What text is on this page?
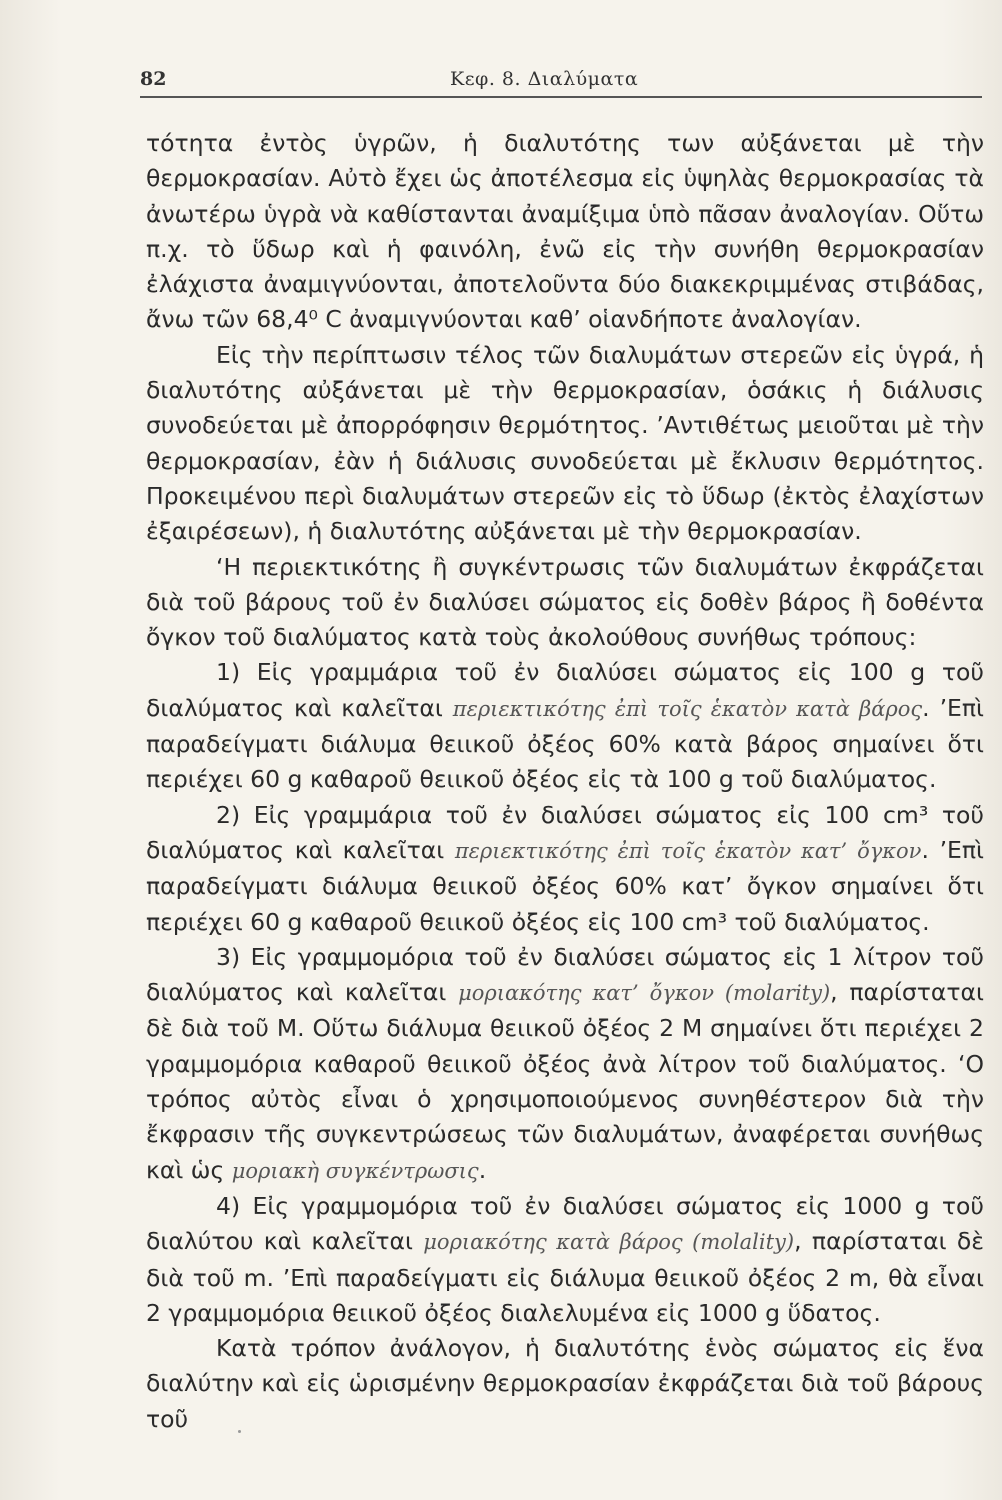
82	Κεφ. 8. Διαλύματα

τότητα ἐντὸς ὑγρῶν, ἡ διαλυτότης των αὐξάνεται μὲ τὴν θερμοκρασίαν. Αὐτὸ ἔχει ὡς ἀποτέλεσμα εἰς ὑψηλὰς θερμοκρασίας τὰ ἀνωτέρω ὑγρὰ νὰ καθίστανται ἀναμίξιμα ὑπὸ πᾶσαν ἀναλογίαν. Οὕτω π.χ. τὸ ὕδωρ καὶ ἡ φαινόλη, ἐνῶ εἰς τὴν συνήθη θερμοκρασίαν ἐλάχιστα ἀναμιγνύονται, ἀποτελοῦντα δύο διακεκριμμένας στιβάδας, ἄνω τῶν 68,4⁰ C ἀναμιγνύονται καθ’ οἱανδήποτε ἀναλογίαν.

Εἰς τὴν περίπτωσιν τέλος τῶν διαλυμάτων στερεῶν εἰς ὑγρά, ἡ διαλυτότης αὐξάνεται μὲ τὴν θερμοκρασίαν, ὁσάκις ἡ διάλυσις συνοδεύεται μὲ ἀπορρόφησιν θερμότητος. ’Αντιθέτως μειοῦται μὲ τὴν θερμοκρασίαν, ἐὰν ἡ διάλυσις συνοδεύεται μὲ ἔκλυσιν θερμότητος. Προκειμένου περὶ διαλυμάτων στερεῶν εἰς τὸ ὕδωρ (ἐκτὸς ἐλαχίστων ἐξαιρέσεων), ἡ διαλυτότης αὐξάνεται μὲ τὴν θερμοκρασίαν.

‘Η περιεκτικότης ἢ συγκέντρωσις τῶν διαλυμάτων ἐκφράζεται διὰ τοῦ βάρους τοῦ ἐν διαλύσει σώματος εἰς δοθὲν βάρος ἢ δοθέντα ὄγκον τοῦ διαλύματος κατὰ τοὺς ἀκολούθους συνήθως τρόπους:

1) Εἰς γραμμάρια τοῦ ἐν διαλύσει σώματος εἰς 100 g τοῦ διαλύματος καὶ καλεῖται περιεκτικότης ἐπὶ τοῖς ἑκατὸν κατὰ βάρος. ’Επὶ παραδείγματι διάλυμα θειικοῦ ὀξέος 60% κατὰ βάρος σημαίνει ὅτι περιέχει 60 g καθαροῦ θειικοῦ ὀξέος εἰς τὰ 100 g τοῦ διαλύματος.

2) Εἰς γραμμάρια τοῦ ἐν διαλύσει σώματος εἰς 100 cm³ τοῦ διαλύματος καὶ καλεῖται περιεκτικότης ἐπὶ τοῖς ἑκατὸν κατ’ ὄγκον. ’Επὶ παραδείγματι διάλυμα θειικοῦ ὀξέος 60% κατ’ ὄγκον σημαίνει ὅτι περιέχει 60 g καθαροῦ θειικοῦ ὀξέος εἰς 100 cm³ τοῦ διαλύματος.

3) Εἰς γραμμομόρια τοῦ ἐν διαλύσει σώματος εἰς 1 λίτρον τοῦ διαλύματος καὶ καλεῖται μοριακότης κατ’ ὄγκον (molarity), παρίσταται δὲ διὰ τοῦ Μ. Οὕτω διάλυμα θειικοῦ ὀξέος 2 Μ σημαίνει ὅτι περιέχει 2 γραμμομόρια καθαροῦ θειικοῦ ὀξέος ἀνὰ λίτρον τοῦ διαλύματος. ‘Ο τρόπος αὐτὸς εἶναι ὁ χρησιμοποιούμενος συνηθέστερον διὰ τὴν ἔκφρασιν τῆς συγκεντρώσεως τῶν διαλυμάτων, ἀναφέρεται συνήθως καὶ ὡς μοριακὴ συγκέντρωσις.

4) Εἰς γραμμομόρια τοῦ ἐν διαλύσει σώματος εἰς 1000 g τοῦ διαλύτου καὶ καλεῖται μοριακότης κατὰ βάρος (molality), παρίσταται δὲ διὰ τοῦ m. ’Επὶ παραδείγματι εἰς διάλυμα θειικοῦ ὀξέος 2 m, θὰ εἶναι 2 γραμμομόρια θειικοῦ ὀξέος διαλελυμένα εἰς 1000 g ὕδατος.

Κατὰ τρόπον ἀνάλογον, ἡ διαλυτότης ἑνὸς σώματος εἰς ἕνα διαλύτην καὶ εἰς ὡρισμένην θερμοκρασίαν ἐκφράζεται διὰ τοῦ βάρους τοῦ
